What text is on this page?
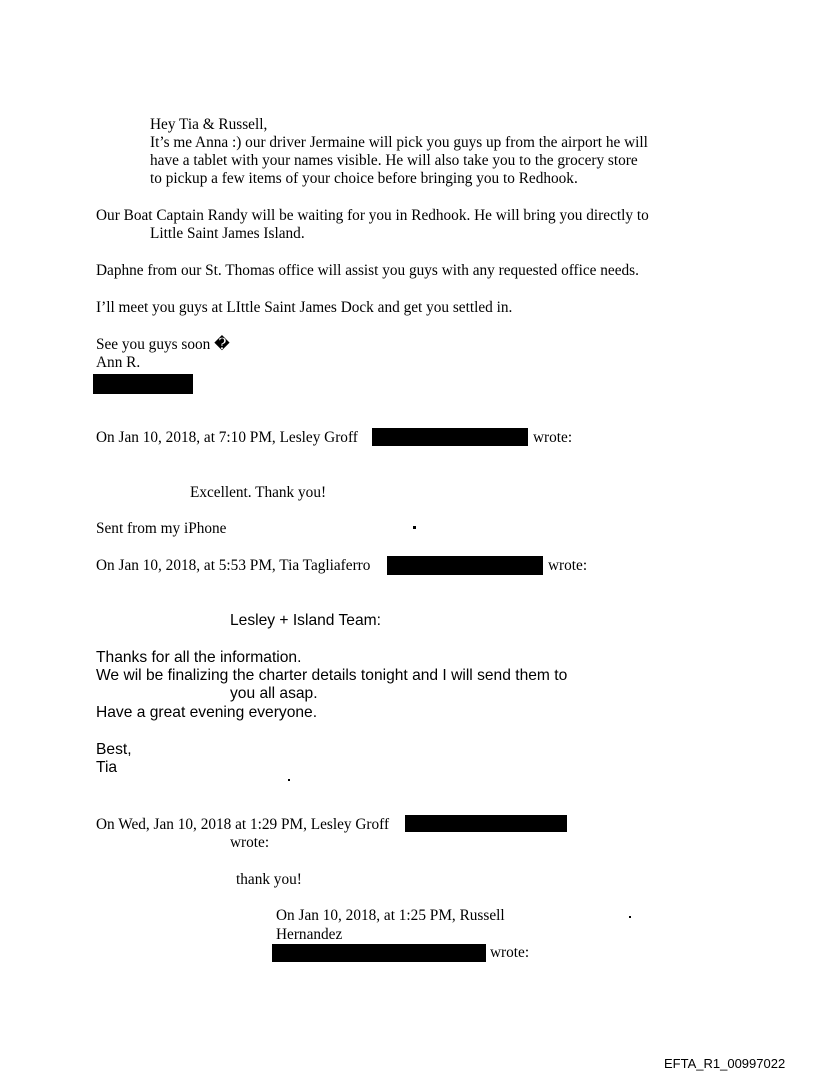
Hey Tia & Russell,
It’s me Anna :) our driver Jermaine will pick you guys up from the airport he will
have a tablet with your names visible. He will also take you to the grocery store
to pickup a few items of your choice before bringing you to Redhook.
Our Boat Captain Randy will be waiting for you in Redhook. He will bring you directly to
Little Saint James Island.
Daphne from our St. Thomas office will assist you guys with any requested office needs.
I’ll meet you guys at LIttle Saint James Dock and get you settled in.
See you guys soon �
Ann R.
On Jan 10, 2018, at 7:10 PM, Lesley Groff	wrote:
Excellent. Thank you!
Sent from my iPhone
On Jan 10, 2018, at 5:53 PM, Tia Tagliaferro	wrote:
Lesley + Island Team:
Thanks for all the information.
We wil be finalizing the charter details tonight and I will send them to
you all asap.
Have a great evening everyone.
Best,
Tia
On Wed, Jan 10, 2018 at 1:29 PM, Lesley Groff
wrote:
thank you!
On Jan 10, 2018, at 1:25 PM, Russell
Hernandez
wrote:
EFTA_R1_00997022
